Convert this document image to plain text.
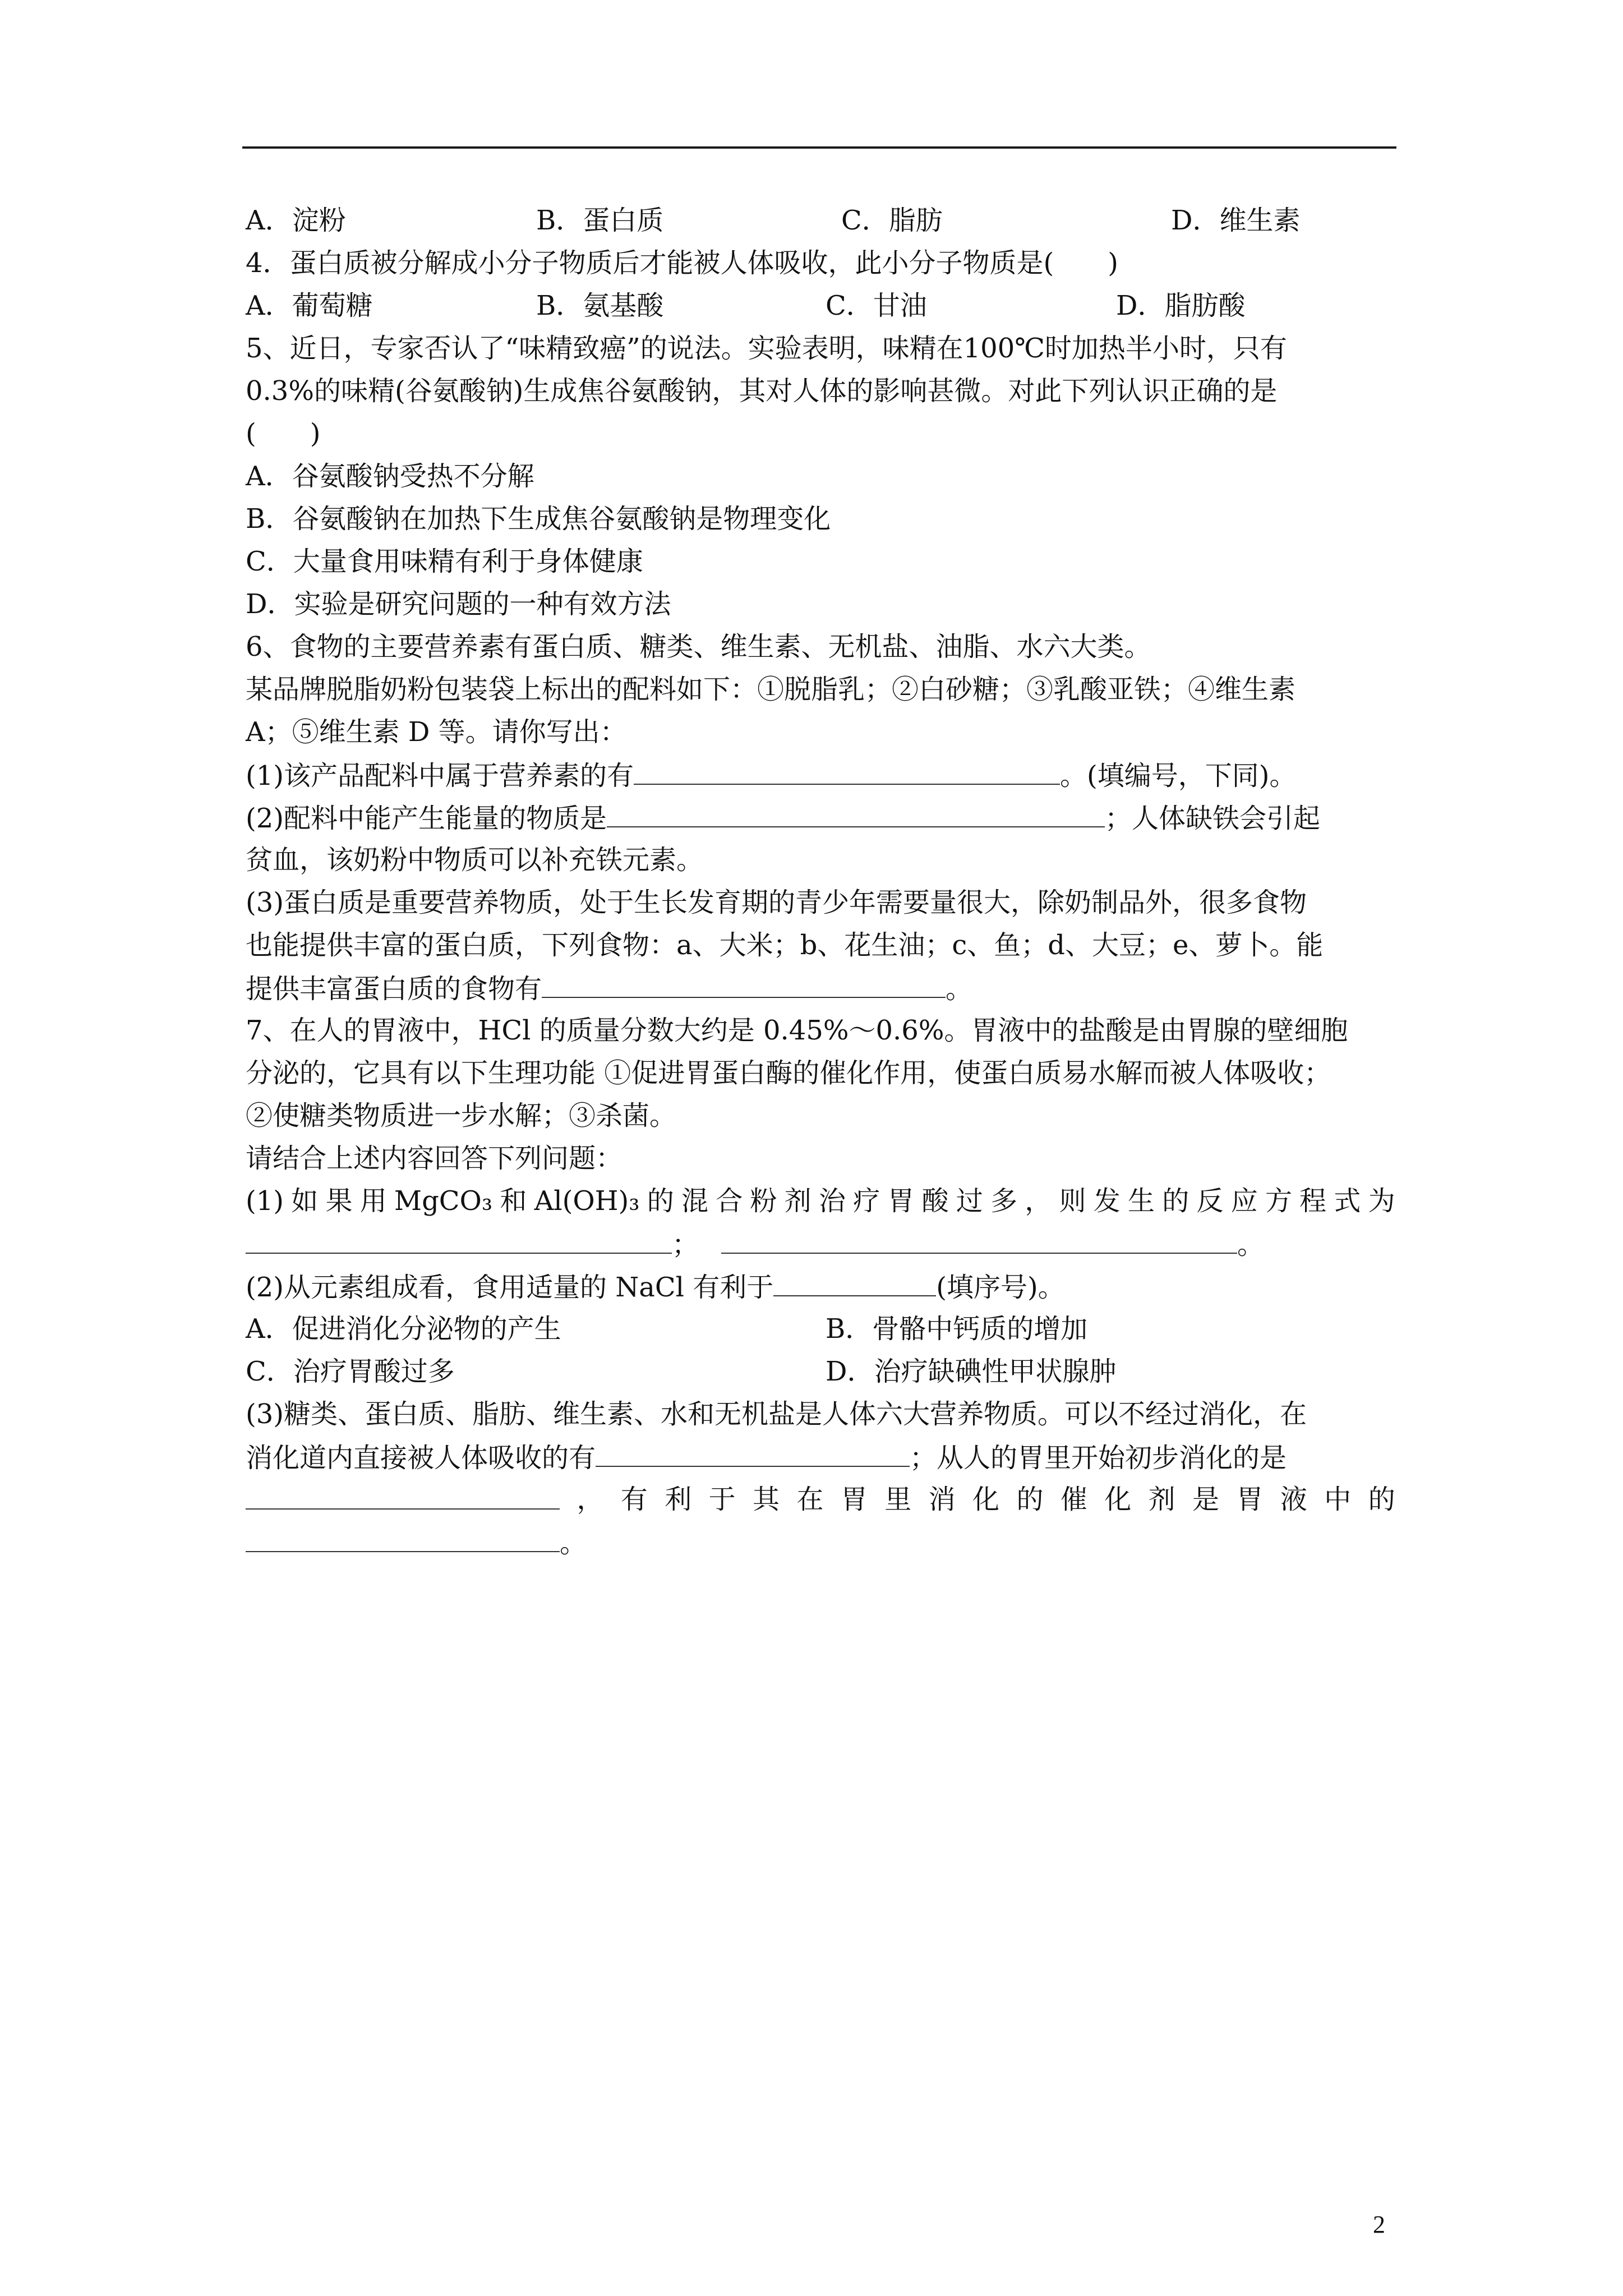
A．淀粉	B．蛋白质	C．脂肪	D．维生素
4．蛋白质被分解成小分子物质后才能被人体吸收，此小分子物质是(　　)
A．葡萄糖	B．氨基酸	C．甘油	D．脂肪酸
5、近日，专家否认了“味精致癌”的说法。实验表明，味精在100℃时加热半小时，只有
0.3%的味精(谷氨酸钠)生成焦谷氨酸钠，其对人体的影响甚微。对此下列认识正确的是
(　　)
A．谷氨酸钠受热不分解
B．谷氨酸钠在加热下生成焦谷氨酸钠是物理变化
C．大量食用味精有利于身体健康
D．实验是研究问题的一种有效方法
6、食物的主要营养素有蛋白质、糖类、维生素、无机盐、油脂、水六大类。
某品牌脱脂奶粉包装袋上标出的配料如下：①脱脂乳；②白砂糖；③乳酸亚铁；④维生素
A；⑤维生素 D 等。请你写出：
(1)该产品配料中属于营养素的有	。(填编号，下同)。
(2)配料中能产生能量的物质是	；人体缺铁会引起
贫血，该奶粉中物质可以补充铁元素。
(3)蛋白质是重要营养物质，处于生长发育期的青少年需要量很大，除奶制品外，很多食物
也能提供丰富的蛋白质，下列食物：a、大米；b、花生油；c、鱼；d、大豆；e、萝卜。能
提供丰富蛋白质的食物有	。
7、在人的胃液中，HCl 的质量分数大约是 0.45%～0.6%。胃液中的盐酸是由胃腺的壁细胞
分泌的，它具有以下生理功能 ①促进胃蛋白酶的催化作用，使蛋白质易水解而被人体吸收；
②使糖类物质进一步水解；③杀菌。
请结合上述内容回答下列问题：
(1) 如 果 用 MgCO₃ 和 Al(OH)₃ 的 混 合 粉 剂 治 疗 胃 酸 过 多 ， 则 发 生 的 反 应 方 程 式 为
；	。
(2)从元素组成看，食用适量的 NaCl 有利于	(填序号)。
A．促进消化分泌物的产生	B．骨骼中钙质的增加
C．治疗胃酸过多	D．治疗缺碘性甲状腺肿
(3)糖类、蛋白质、脂肪、维生素、水和无机盐是人体六大营养物质。可以不经过消化，在
消化道内直接被人体吸收的有	；从人的胃里开始初步消化的是
， 有 利 于 其 在 胃 里 消 化 的 催 化 剂 是 胃 液 中 的
。
2
